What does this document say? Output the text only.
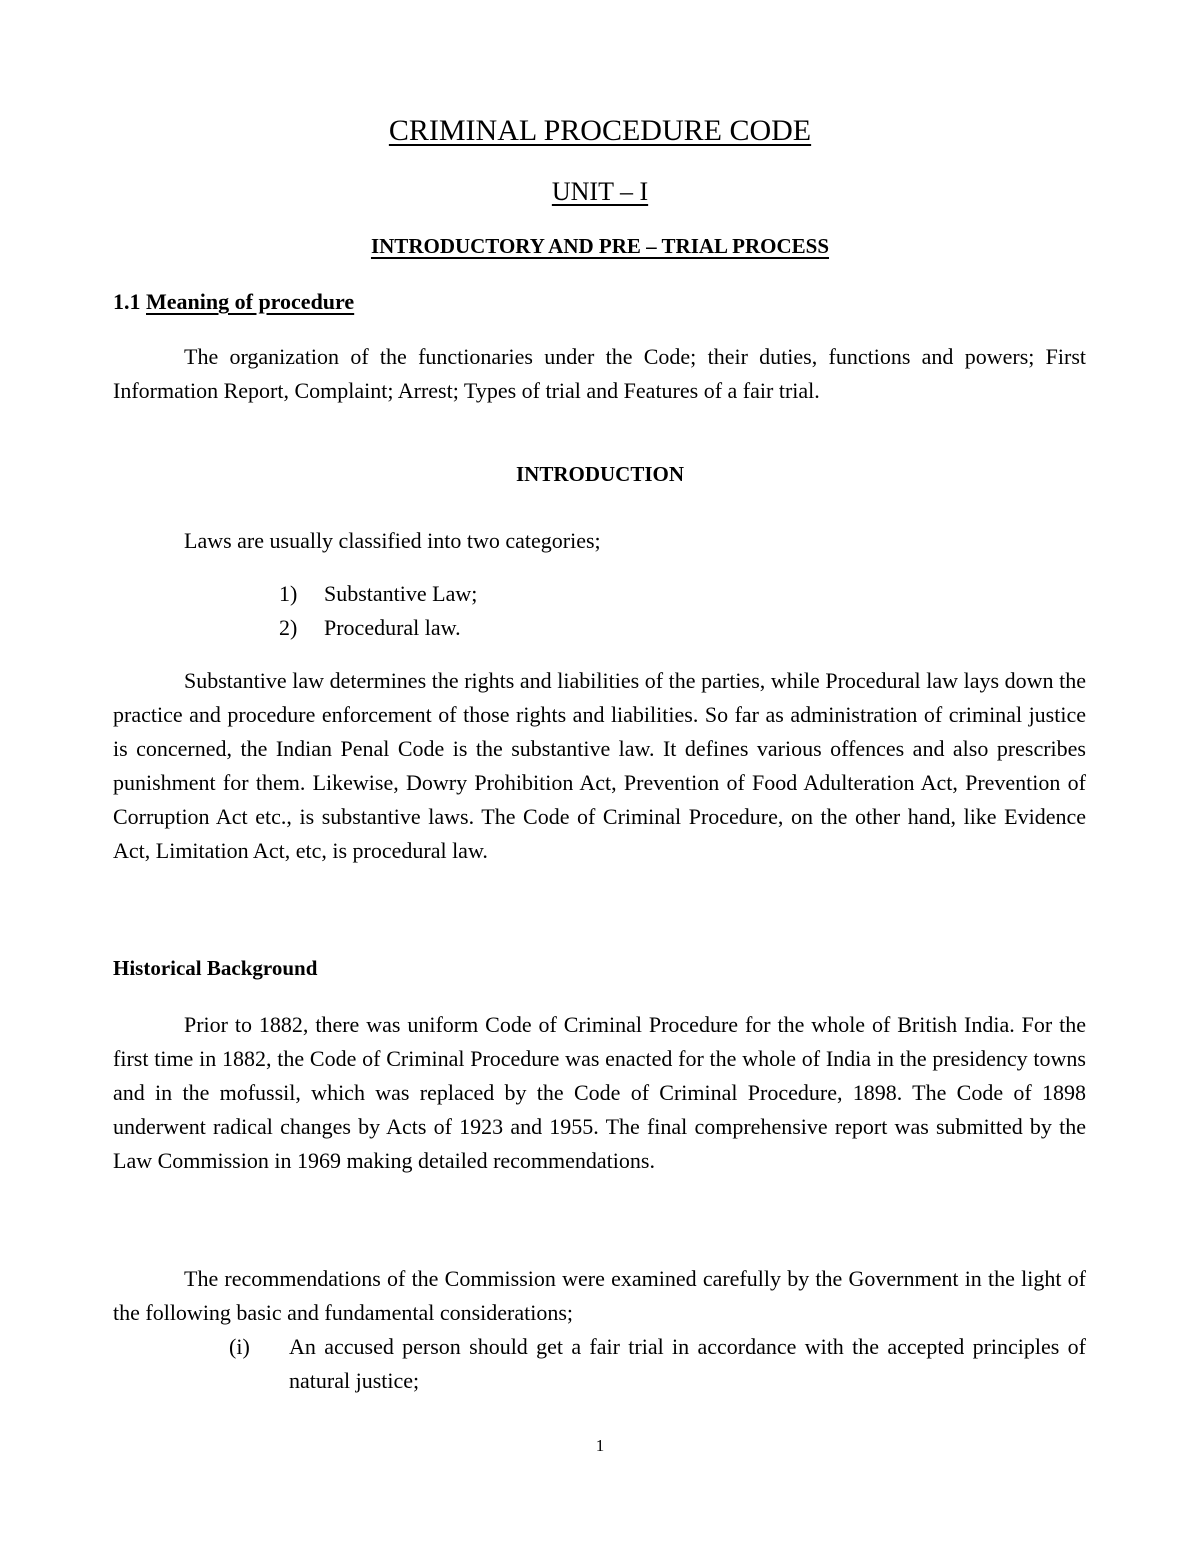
CRIMINAL PROCEDURE CODE
UNIT – I
INTRODUCTORY AND PRE – TRIAL PROCESS
1.1 Meaning of procedure

The organization of the functionaries under the Code; their duties, functions and powers; First Information Report, Complaint; Arrest; Types of trial and Features of a fair trial.

INTRODUCTION
Laws are usually classified into two categories;
1) Substantive Law;
2) Procedural law.

Substantive law determines the rights and liabilities of the parties, while Procedural law lays down the practice and procedure enforcement of those rights and liabilities. So far as administration of criminal justice is concerned, the Indian Penal Code is the substantive law. It defines various offences and also prescribes punishment for them. Likewise, Dowry Prohibition Act, Prevention of Food Adulteration Act, Prevention of Corruption Act etc., is substantive laws. The Code of Criminal Procedure, on the other hand, like Evidence Act, Limitation Act, etc, is procedural law.

Historical Background

Prior to 1882, there was uniform Code of Criminal Procedure for the whole of British India. For the first time in 1882, the Code of Criminal Procedure was enacted for the whole of India in the presidency towns and in the mofussil, which was replaced by the Code of Criminal Procedure, 1898. The Code of 1898 underwent radical changes by Acts of 1923 and 1955. The final comprehensive report was submitted by the Law Commission in 1969 making detailed recommendations.

The recommendations of the Commission were examined carefully by the Government in the light of the following basic and fundamental considerations;

(i) An accused person should get a fair trial in accordance with the accepted principles of natural justice;
1
